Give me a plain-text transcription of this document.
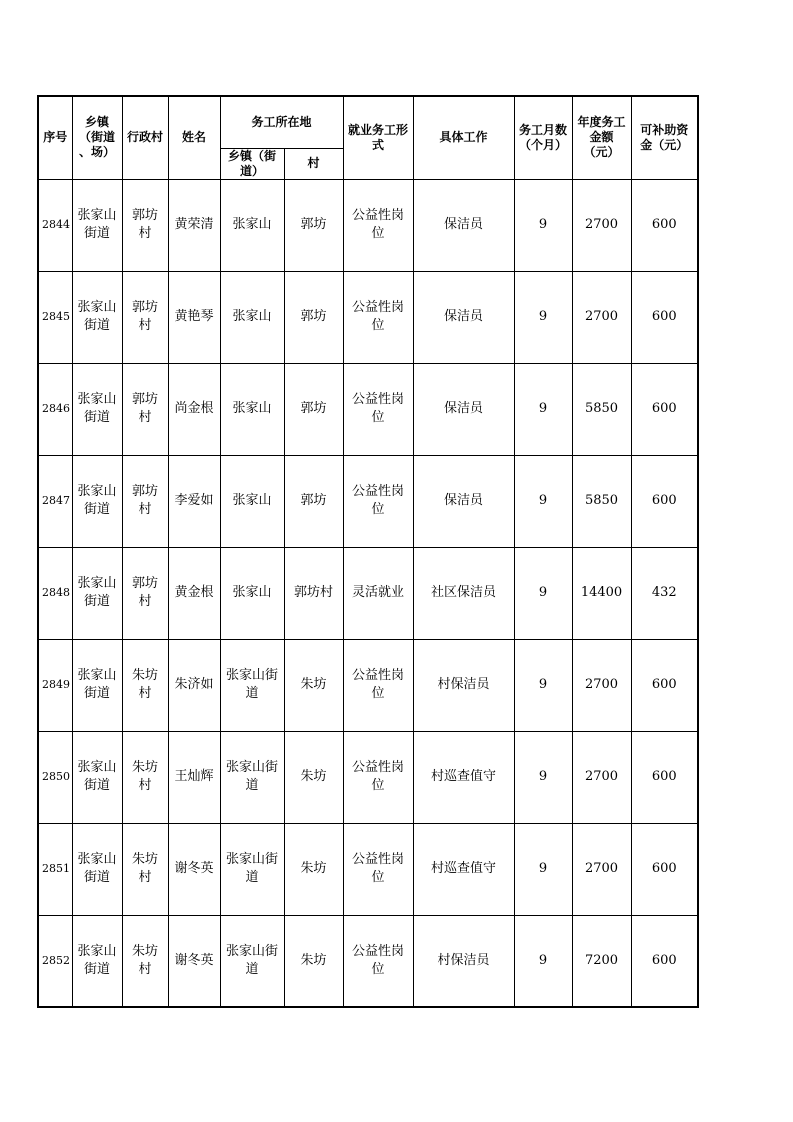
序号	乡镇
（街道
、场）	行政村	姓名	务工所在地		就业务工形
式	具体工作	务工月数
（个月）	年度务工
金额
（元）	可补助资
金（元）

				乡镇（街
道）	村					

2844	张家山
街道	郭坊
村	黄荣清	张家山	郭坊	公益性岗
位	保洁员	9	2700	600

2845	张家山
街道	郭坊
村	黄艳琴	张家山	郭坊	公益性岗
位	保洁员	9	2700	600

2846	张家山
街道	郭坊
村	尚金根	张家山	郭坊	公益性岗
位	保洁员	9	5850	600

2847	张家山
街道	郭坊
村	李爱如	张家山	郭坊	公益性岗
位	保洁员	9	5850	600

2848	张家山
街道	郭坊
村	黄金根	张家山	郭坊村	灵活就业	社区保洁员	9	14400	432

2849	张家山
街道	朱坊
村	朱济如	张家山街
道	朱坊	公益性岗
位	村保洁员	9	2700	600

2850	张家山
街道	朱坊
村	王灿辉	张家山街
道	朱坊	公益性岗
位	村巡查值守	9	2700	600

2851	张家山
街道	朱坊
村	谢冬英	张家山街
道	朱坊	公益性岗
位	村巡查值守	9	2700	600

2852	张家山
街道	朱坊
村	谢冬英	张家山街
道	朱坊	公益性岗
位	村保洁员	9	7200	600
